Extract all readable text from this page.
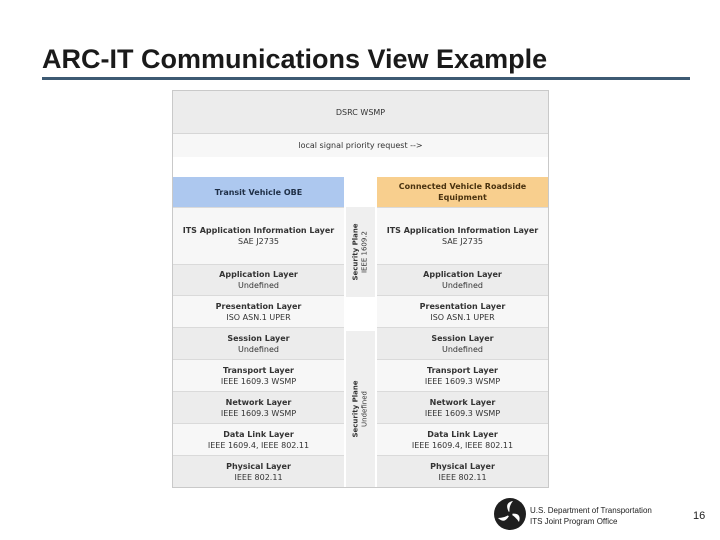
ARC-IT Communications View Example
DSRC WSMP
local signal priority request -->
Transit Vehicle OBE
Connected Vehicle Roadside
Equipment
ITS Application Information Layer
SAE J2735
Application Layer
Undefined
Presentation Layer
ISO ASN.1 UPER
Session Layer
Undefined
Transport Layer
IEEE 1609.3 WSMP
Network Layer
IEEE 1609.3 WSMP
Data Link Layer
IEEE 1609.4, IEEE 802.11
Physical Layer
IEEE 802.11
ITS Application Information Layer
SAE J2735
Application Layer
Undefined
Presentation Layer
ISO ASN.1 UPER
Session Layer
Undefined
Transport Layer
IEEE 1609.3 WSMP
Network Layer
IEEE 1609.3 WSMP
Data Link Layer
IEEE 1609.4, IEEE 802.11
Physical Layer
IEEE 802.11
Security Plane IEEE 1609.2
Security Plane Undefined
U.S. Department of Transportation
ITS Joint Program Office	16
